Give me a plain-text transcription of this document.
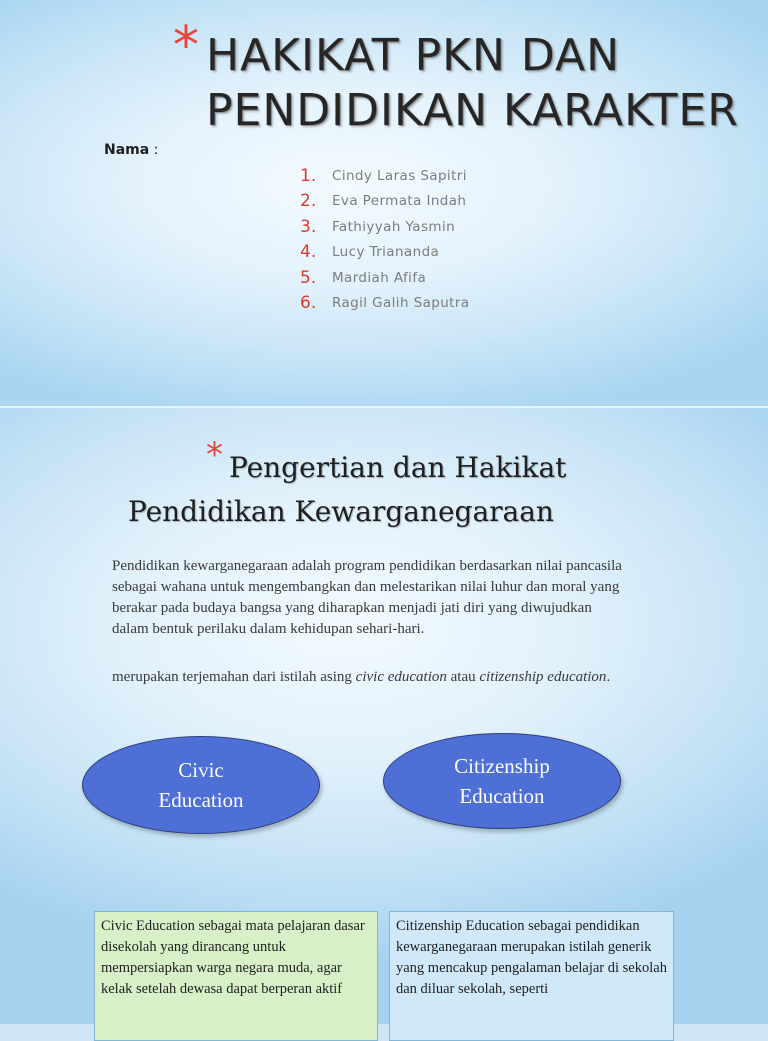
* HAKIKAT PKN DAN
PENDIDIKAN KARAKTER
Nama :
1.	Cindy Laras Sapitri
2.	Eva Permata Indah
3.	Fathiyyah Yasmin
4.	Lucy Triananda
5.	Mardiah Afifa
6.	Ragil Galih Saputra
* Pengertian dan Hakikat
Pendidikan Kewarganegaraan

Pendidikan kewarganegaraan adalah program pendidikan berdasarkan nilai pancasila sebagai wahana untuk mengembangkan dan melestarikan nilai luhur dan moral yang berakar pada budaya bangsa yang diharapkan menjadi jati diri yang diwujudkan dalam bentuk perilaku dalam kehidupan sehari-hari.

merupakan terjemahan dari istilah asing civic education atau citizenship education.

Civic
Education
Citizenship
Education
Civic Education sebagai mata pelajaran dasar disekolah yang dirancang untuk mempersiapkan warga negara muda, agar kelak setelah dewasa dapat berperan aktif
Citizenship Education sebagai pendidikan kewarganegaraan merupakan istilah generik yang mencakup pengalaman belajar di sekolah dan diluar sekolah, seperti
